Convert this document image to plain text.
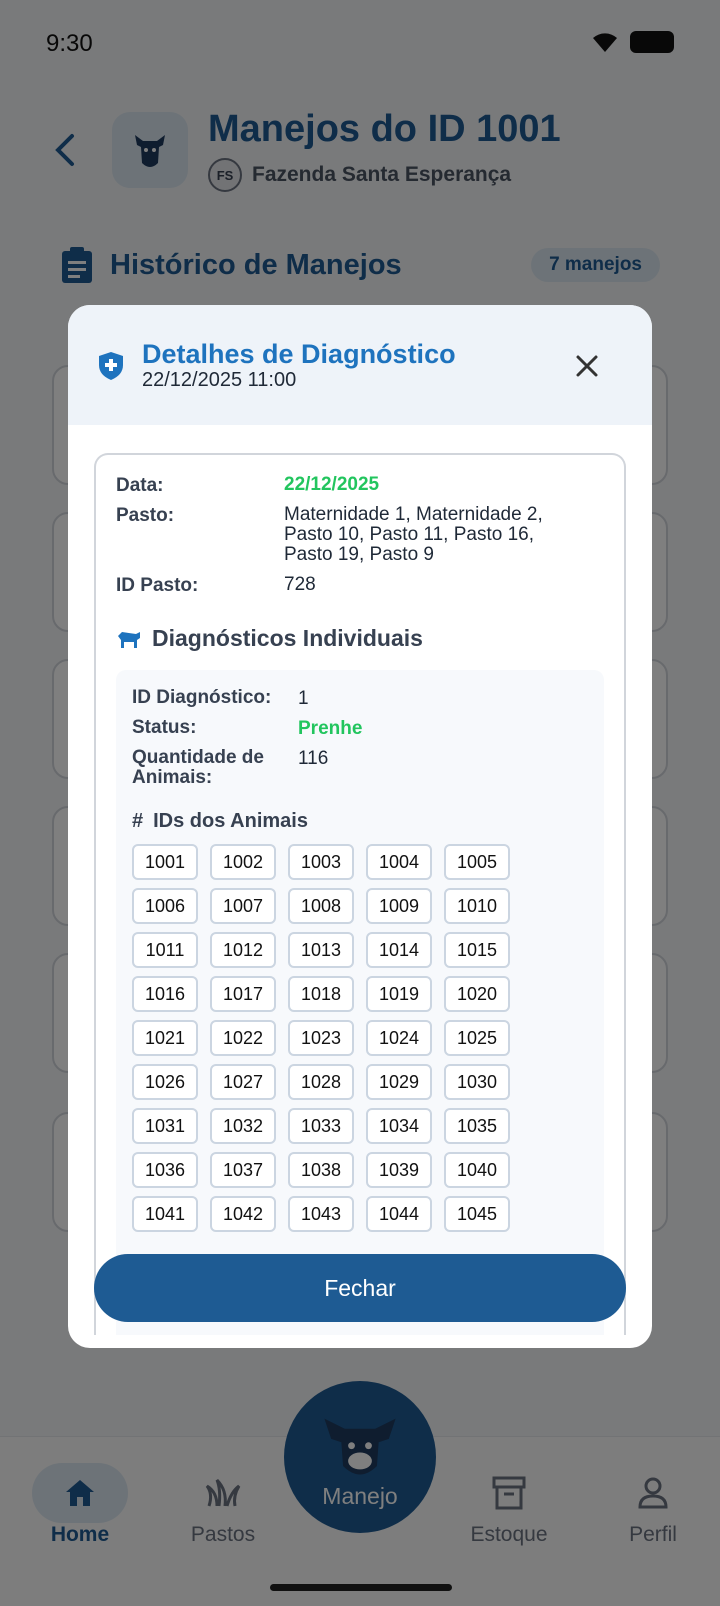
Detalhes de Diagnóstico
22/12/2025 11:00
Data:	22/12/2025
Pasto:	Maternidade 1, Maternidade 2, Pasto 10, Pasto 11, Pasto 16, Pasto 19, Pasto 9
ID Pasto:	728
Diagnósticos Individuais
ID Diagnóstico:	1
Status:	Prenhe
Quantidade de Animais:
116
# IDs dos Animais
1001	1002	1003	1004	1005
1006	1007	1008	1009	1010
1011	1012	1013	1014	1015
1016	1017	1018	1019	1020
1021	1022	1023	1024	1025
1026	1027	1028	1029	1030
1031	1032	1033	1034	1035
1036	1037	1038	1039	1040
1041	1042	1043	1044	1045
Fechar
